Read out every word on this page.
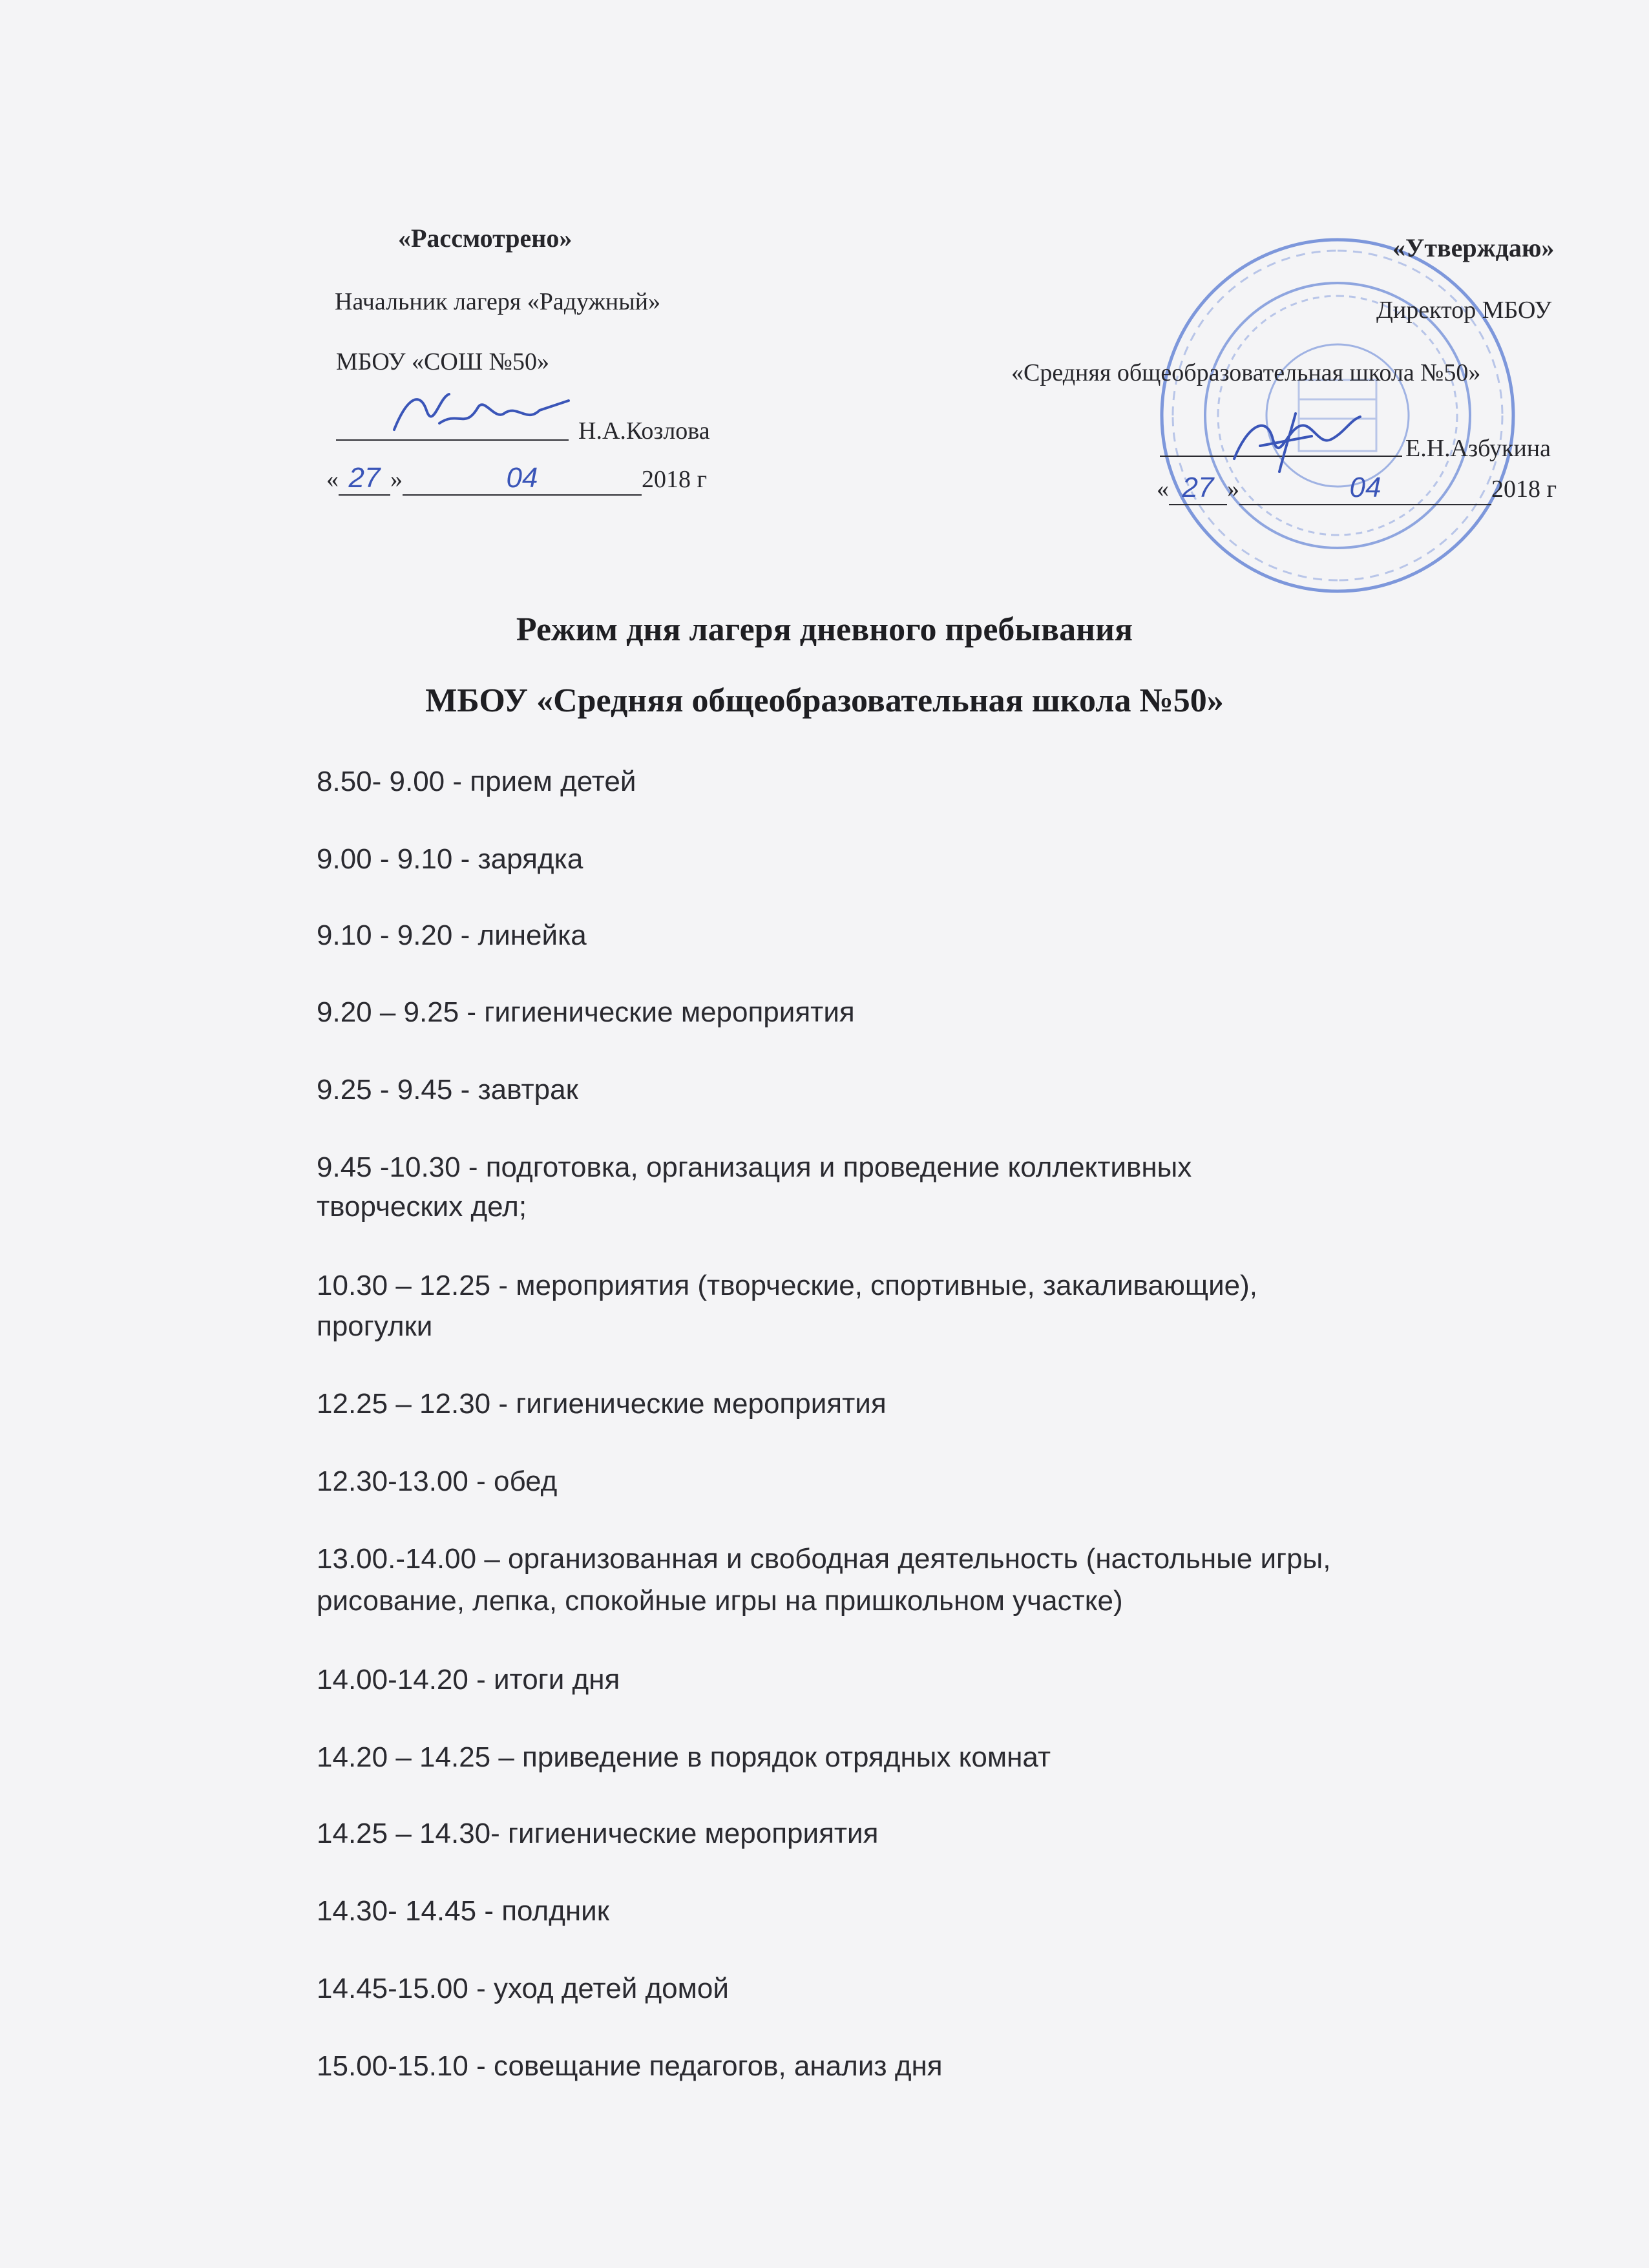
«Рассмотрено»
Начальник лагеря «Радужный»
МБОУ «СОШ №50»
Н.А.Козлова
« 27 »	04	2018 г
«Утверждаю»
Директор МБОУ
«Средняя общеобразовательная школа №50»
Е.Н.Азбукина
« 27 »	04	2018 г
Режим дня лагеря дневного пребывания
МБОУ «Средняя общеобразовательная школа №50»
8.50- 9.00 - прием детей
9.00 - 9.10 - зарядка
9.10 - 9.20 - линейка
9.20 – 9.25 - гигиенические мероприятия
9.25 - 9.45 - завтрак
9.45 -10.30 - подготовка, организация и проведение коллективных
творческих дел;
10.30 – 12.25 - мероприятия (творческие, спортивные, закаливающие),
прогулки
12.25 – 12.30 - гигиенические мероприятия
12.30-13.00 - обед
13.00.-14.00 – организованная и свободная деятельность (настольные игры,
рисование, лепка, спокойные игры на пришкольном участке)
14.00-14.20 - итоги дня
14.20 – 14.25 – приведение в порядок отрядных комнат
14.25 – 14.30- гигиенические мероприятия
14.30- 14.45 - полдник
14.45-15.00 - уход детей домой
15.00-15.10 - совещание педагогов, анализ дня
